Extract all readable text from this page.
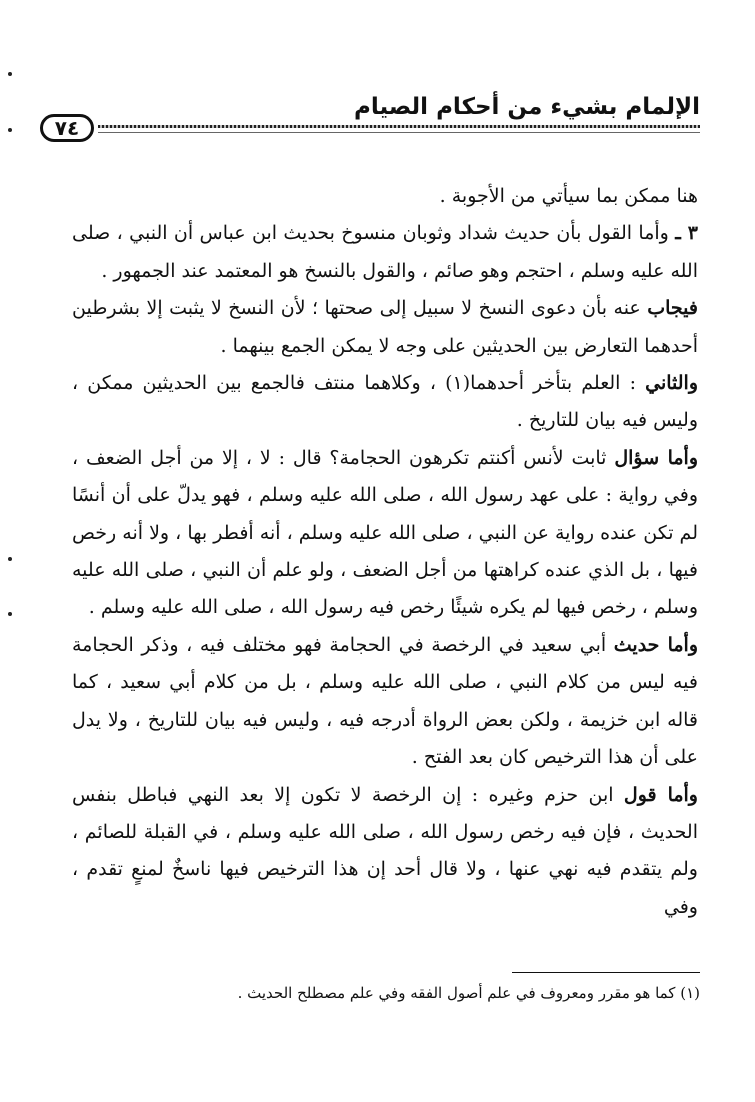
الإلمام بشيء من أحكام الصيام
٧٤

هنا ممكن بما سيأتي من الأجوبة .

٣ ـ وأما القول بأن حديث شداد وثوبان منسوخ بحديث ابن عباس أن النبي ، صلى الله عليه وسلم ، احتجم وهو صائم ، والقول بالنسخ هو المعتمد عند الجمهور .

فيجاب عنه بأن دعوى النسخ لا سبيل إلى صحتها ؛ لأن النسخ لا يثبت إلا بشرطين أحدهما التعارض بين الحديثين على وجه لا يمكن الجمع بينهما .

والثاني : العلم بتأخر أحدهما(١) ، وكلاهما منتف فالجمع بين الحديثين ممكن ، وليس فيه بيان للتاريخ .

وأما سؤال ثابت لأنس أكنتم تكرهون الحجامة؟ قال : لا ، إلا من أجل الضعف ، وفي رواية : على عهد رسول الله ، صلى الله عليه وسلم ، فهو يدلّ على أن أنسًا لم تكن عنده رواية عن النبي ، صلى الله عليه وسلم ، أنه أفطر بها ، ولا أنه رخص فيها ، بل الذي عنده كراهتها من أجل الضعف ، ولو علم أن النبي ، صلى الله عليه وسلم ، رخص فيها لم يكره شيئًا رخص فيه رسول الله ، صلى الله عليه وسلم .

وأما حديث أبي سعيد في الرخصة في الحجامة فهو مختلف فيه ، وذكر الحجامة فيه ليس من كلام النبي ، صلى الله عليه وسلم ، بل من كلام أبي سعيد ، كما قاله ابن خزيمة ، ولكن بعض الرواة أدرجه فيه ، وليس فيه بيان للتاريخ ، ولا يدل على أن هذا الترخيص كان بعد الفتح .

وأما قول ابن حزم وغيره : إن الرخصة لا تكون إلا بعد النهي فباطل بنفس الحديث ، فإن فيه رخص رسول الله ، صلى الله عليه وسلم ، في القبلة للصائم ، ولم يتقدم فيه نهي عنها ، ولا قال أحد إن هذا الترخيص فيها ناسخٌ لمنعٍ تقدم ، وفي

(١) كما هو مقرر ومعروف في علم أصول الفقه وفي علم مصطلح الحديث .
